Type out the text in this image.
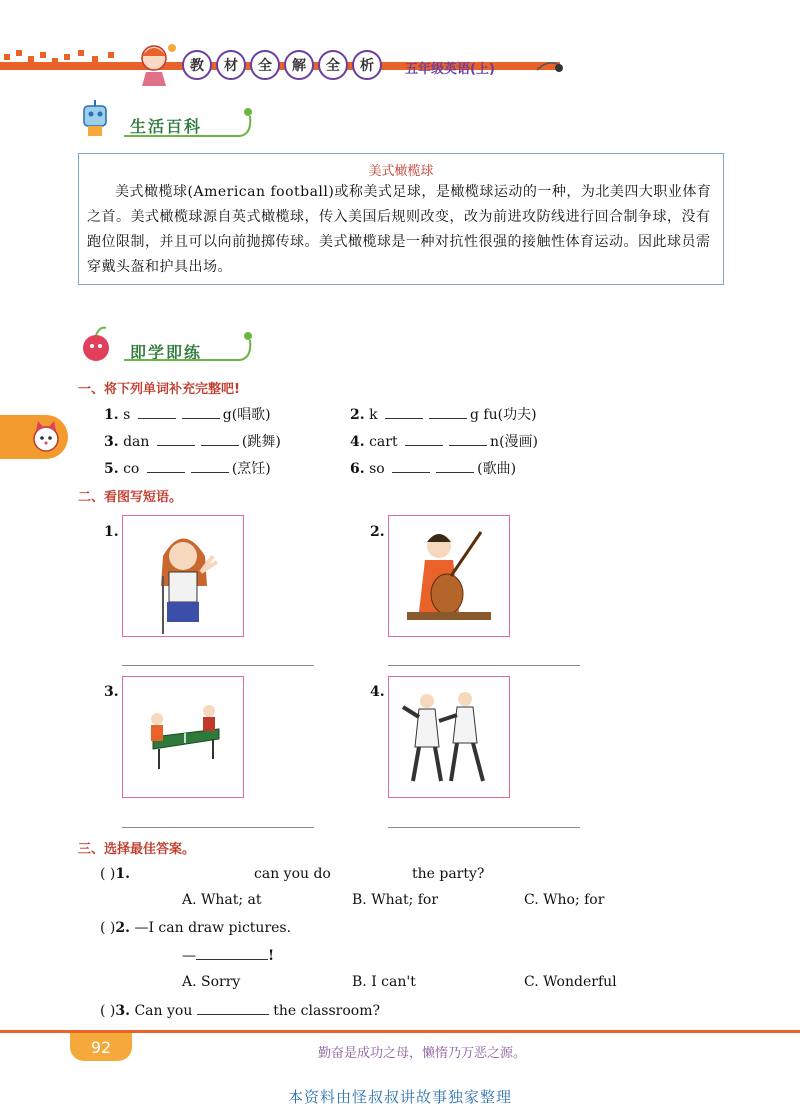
教	材	全	解	全	析	五年级英语(上)
生活百科
美式橄榄球
美式橄榄球(American football)或称美式足球，是橄榄球运动的一种，为北美四大职业体育之首。美式橄榄球源自英式橄榄球，传入美国后规则改变，改为前进攻防线进行回合制争球，没有跑位限制，并且可以向前抛掷传球。美式橄榄球是一种对抗性很强的接触性体育运动。因此球员需穿戴头盔和护具出场。
即学即练
一、将下列单词补充完整吧!
1. s	g(唱歌)	2. k	g fu(功夫)
3. dan	(跳舞)	4. cart	n(漫画)
5. co	(烹饪)	6. so	(歌曲)
二、看图写短语。
1.	2.
3.	4.
三、选择最佳答案。
( )1.	can you do	the party?
A. What; at	B. What; for	C. Who; for
( )2. —I can draw pictures.
—	!
A. Sorry	B. I can't	C. Wonderful
( )3. Can you	the classroom?
92	勤奋是成功之母，懒惰乃万恶之源。
本资料由怪叔叔讲故事独家整理
